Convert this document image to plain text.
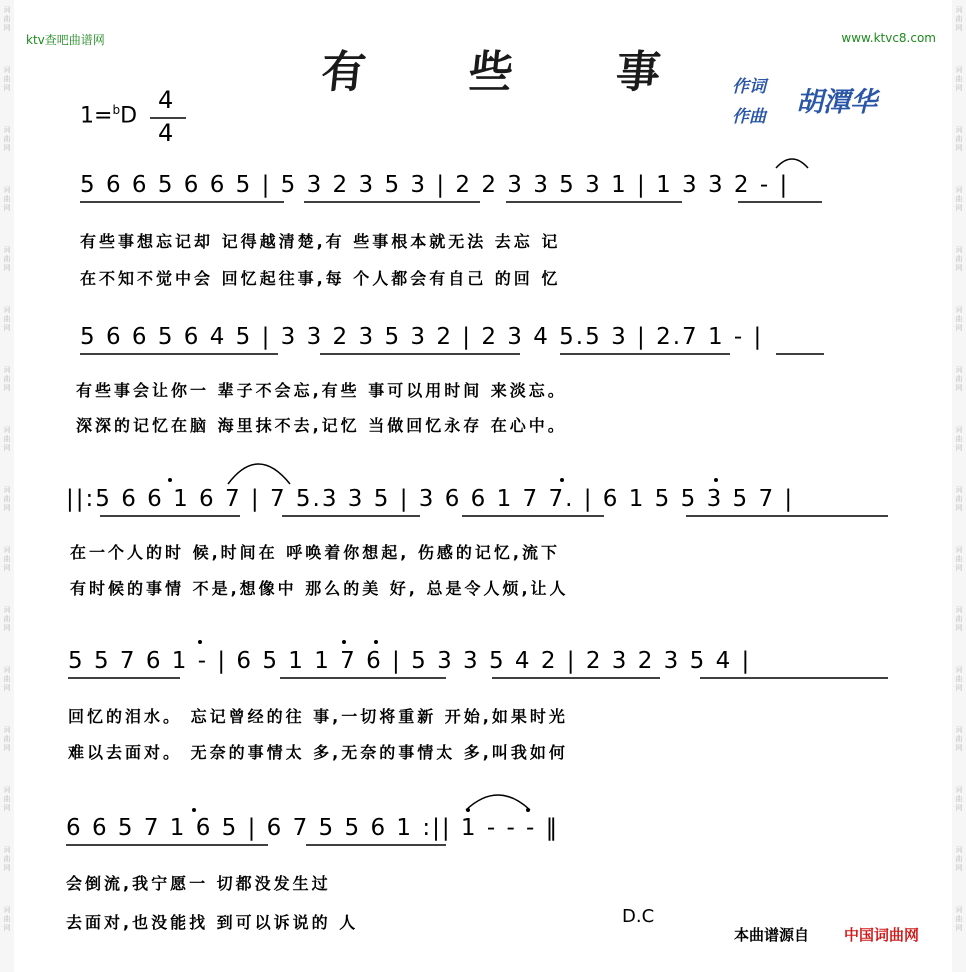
词曲网
词曲网
词曲网
词曲网
词曲网
词曲网
词曲网
词曲网
词曲网
词曲网
词曲网
词曲网
词曲网
词曲网
词曲网
词曲网
词曲网
词曲网
词曲网
词曲网
词曲网
词曲网
词曲网
词曲网
词曲网
词曲网
词曲网
词曲网
词曲网
词曲网
词曲网
词曲网
ktv查吧曲谱网	www.ktvc8.com
有 些 事
1=$^b$D
4
4
作词
作曲 胡潭华
5 6 6 5 6 6 5 | 5 3 2 3 5 3 | 2 2 3 3 5 3 1 | 1 3 3 2 - |
有些事想忘记却 记得越清楚,有 些事根本就无法 去忘 记
在不知不觉中会 回忆起往事,每 个人都会有自己 的回 忆
5 6 6 5 6 4 5 | 3 3 2 3 5 3 2 | 2 3 4 5.5 3 | 2.7 1 - |
有些事会让你一 辈子不会忘,有些 事可以用时间 来淡忘。
深深的记忆在脑 海里抹不去,记忆 当做回忆永存 在心中。
||:5 6 6 1 6 7 | 7 5.3 3 5 | 3 6 6 1 7 7. | 6 1 5 5 3 5 7 |
在一个人的时 候,时间在 呼唤着你想起, 伤感的记忆,流下
有时候的事情 不是,想像中 那么的美 好, 总是令人烦,让人
5 5 7 6 1 - | 6 5 1 1 7 6 | 5 3 3 5 4 2 | 2 3 2 3 5 4 |
回忆的泪水。 忘记曾经的往 事,一切将重新 开始,如果时光
难以去面对。 无奈的事情太 多,无奈的事情太 多,叫我如何
6 6 5 7 1 6 5 | 6 7 5 5 6 1 :|| 1 - - - ‖
会倒流,我宁愿一 切都没发生过
去面对,也没能找 到可以诉说的 人	D.C
本曲谱源自 中国词曲网
